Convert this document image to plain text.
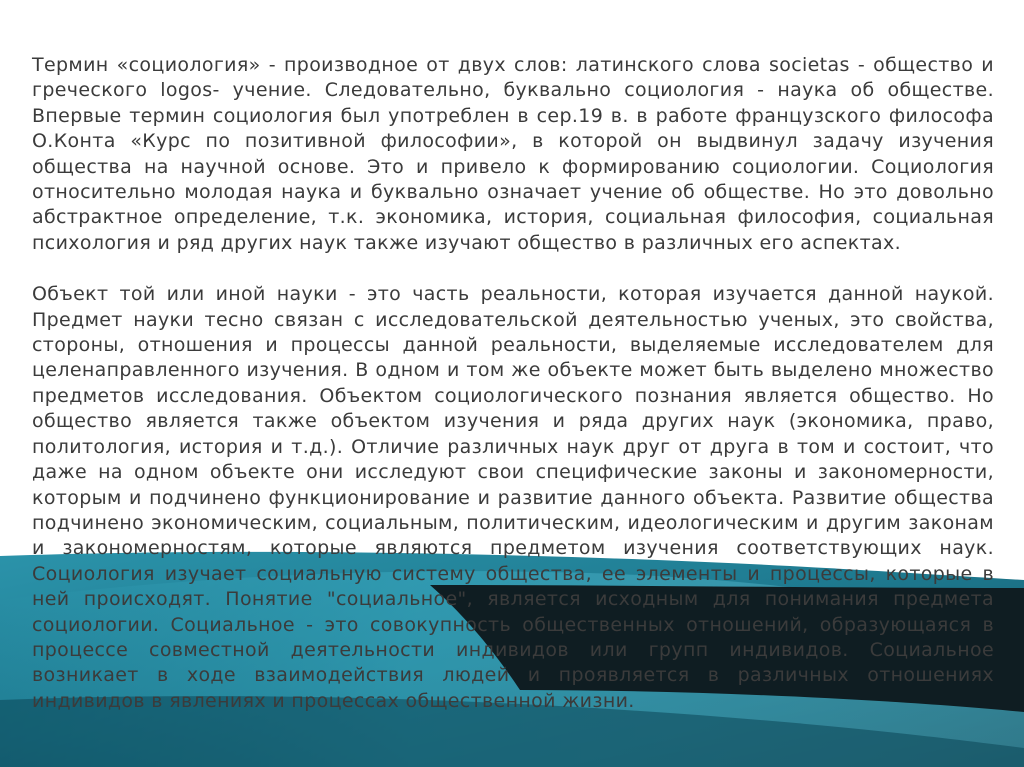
Термин «социология» - производное от двух слов: латинского слова societas - общество и греческого logos- учение. Следовательно, буквально социология - наука об обществе. Впервые термин социология был употреблен в сер.19 в. в работе французского философа О.Конта «Курс по позитивной философии», в которой он выдвинул задачу изучения общества на научной основе. Это и привело к формированию социологии. Социология относительно молодая наука и буквально означает учение об обществе. Но это довольно абстрактное определение, т.к. экономика, история, социальная философия, социальная психология и ряд других наук также изучают общество в различных его аспектах.

Объект той или иной науки - это часть реальности, которая изучается данной наукой. Предмет науки тесно связан с исследовательской деятельностью ученых, это свойства, стороны, отношения и процессы данной реальности, выделяемые исследователем для целенаправленного изучения. В одном и том же объекте может быть выделено множество предметов исследования. Объектом социологического познания является общество. Но общество является также объектом изучения и ряда других наук (экономика, право, политология, история и т.д.). Отличие различных наук друг от друга в том и состоит, что даже на одном объекте они исследуют свои специфические законы и закономерности, которым и подчинено функционирование и развитие данного объекта. Развитие общества подчинено экономическим, социальным, политическим, идеологическим и другим законам и закономерностям, которые являются предметом изучения соответствующих наук. Социология изучает социальную систему общества, ее элементы и процессы, которые в ней происходят. Понятие "социальное", является исходным для понимания предмета социологии. Социальное - это совокупность общественных отношений, образующаяся в процессе совместной деятельности индивидов или групп индивидов. Социальное возникает в ходе взаимодействия людей и проявляется в различных отношениях индивидов в явлениях и процессах общественной жизни.
